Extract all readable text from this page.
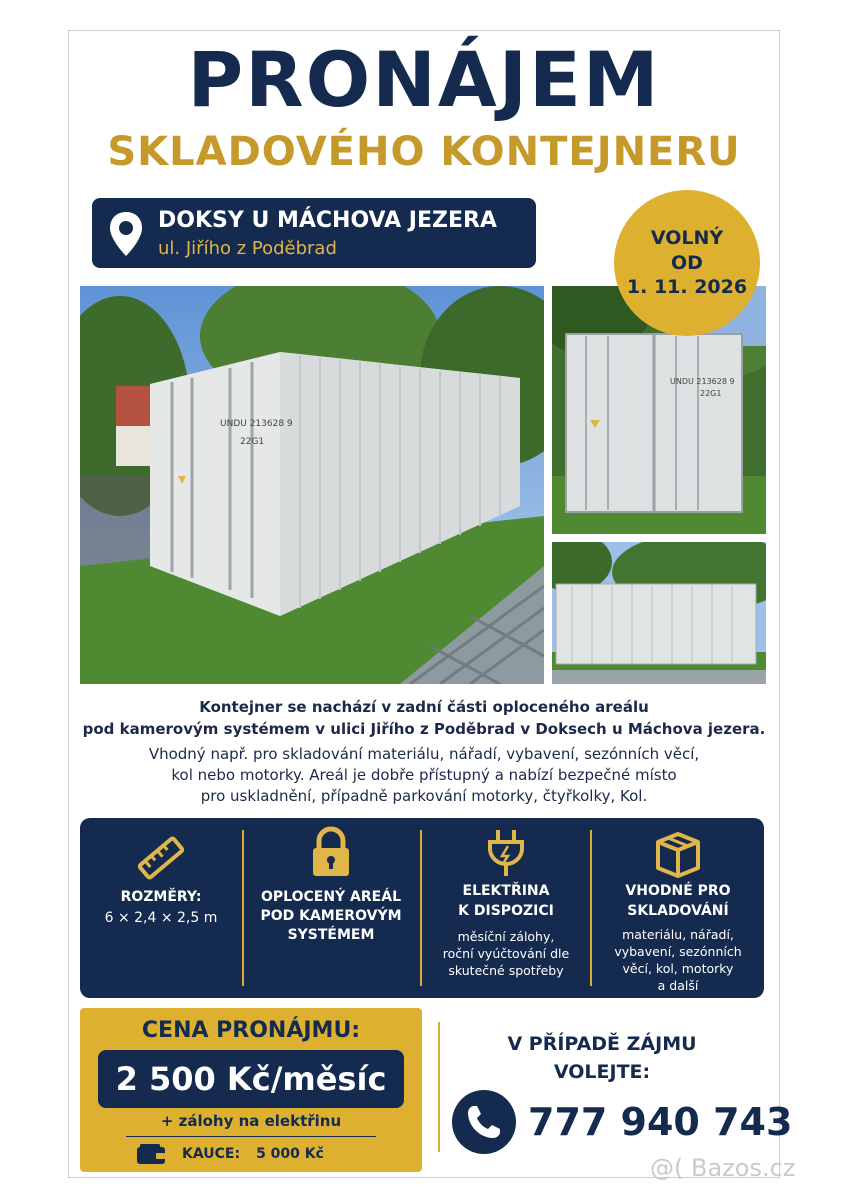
PRONÁJEM
SKLADOVÉHO KONTEJNERU
DOKSY U MÁCHOVA JEZERA
ul. Jiřího z Poděbrad	VOLNÝ
OD
1. 11. 2026
UNDU 213628 9
22G1
UNDU 213628 9
22G1
Kontejner se nachází v zadní části oploceného areálu
pod kamerovým systémem v ulici Jiřího z Poděbrad v Doksech u Máchova jezera.
Vhodný např. pro skladování materiálu, nářadí, vybavení, sezónních věcí,
kol nebo motorky. Areál je dobře přístupný a nabízí bezpečné místo
pro uskladnění, případně parkování motorky, čtyřkolky, Kol.
ROZMĚRY:
6 × 2,4 × 2,5 m
OPLOCENÝ AREÁL
POD KAMEROVÝM
SYSTÉMEM
ELEKTŘINA
K DISPOZICI
měsíční zálohy,
roční vyúčtování dle
skutečné spotřeby
VHODNÉ PRO
SKLADOVÁNÍ
materiálu, nářadí,
vybavení, sezónních
věcí, kol, motorky
a další
CENA PRONÁJMU:
2 500 Kč/měsíc
+ zálohy na elektřinu
KAUCE: 5 000 Kč
V PŘÍPADĚ ZÁJMU
VOLEJTE:
777 940 743
@( Bazos.cz
